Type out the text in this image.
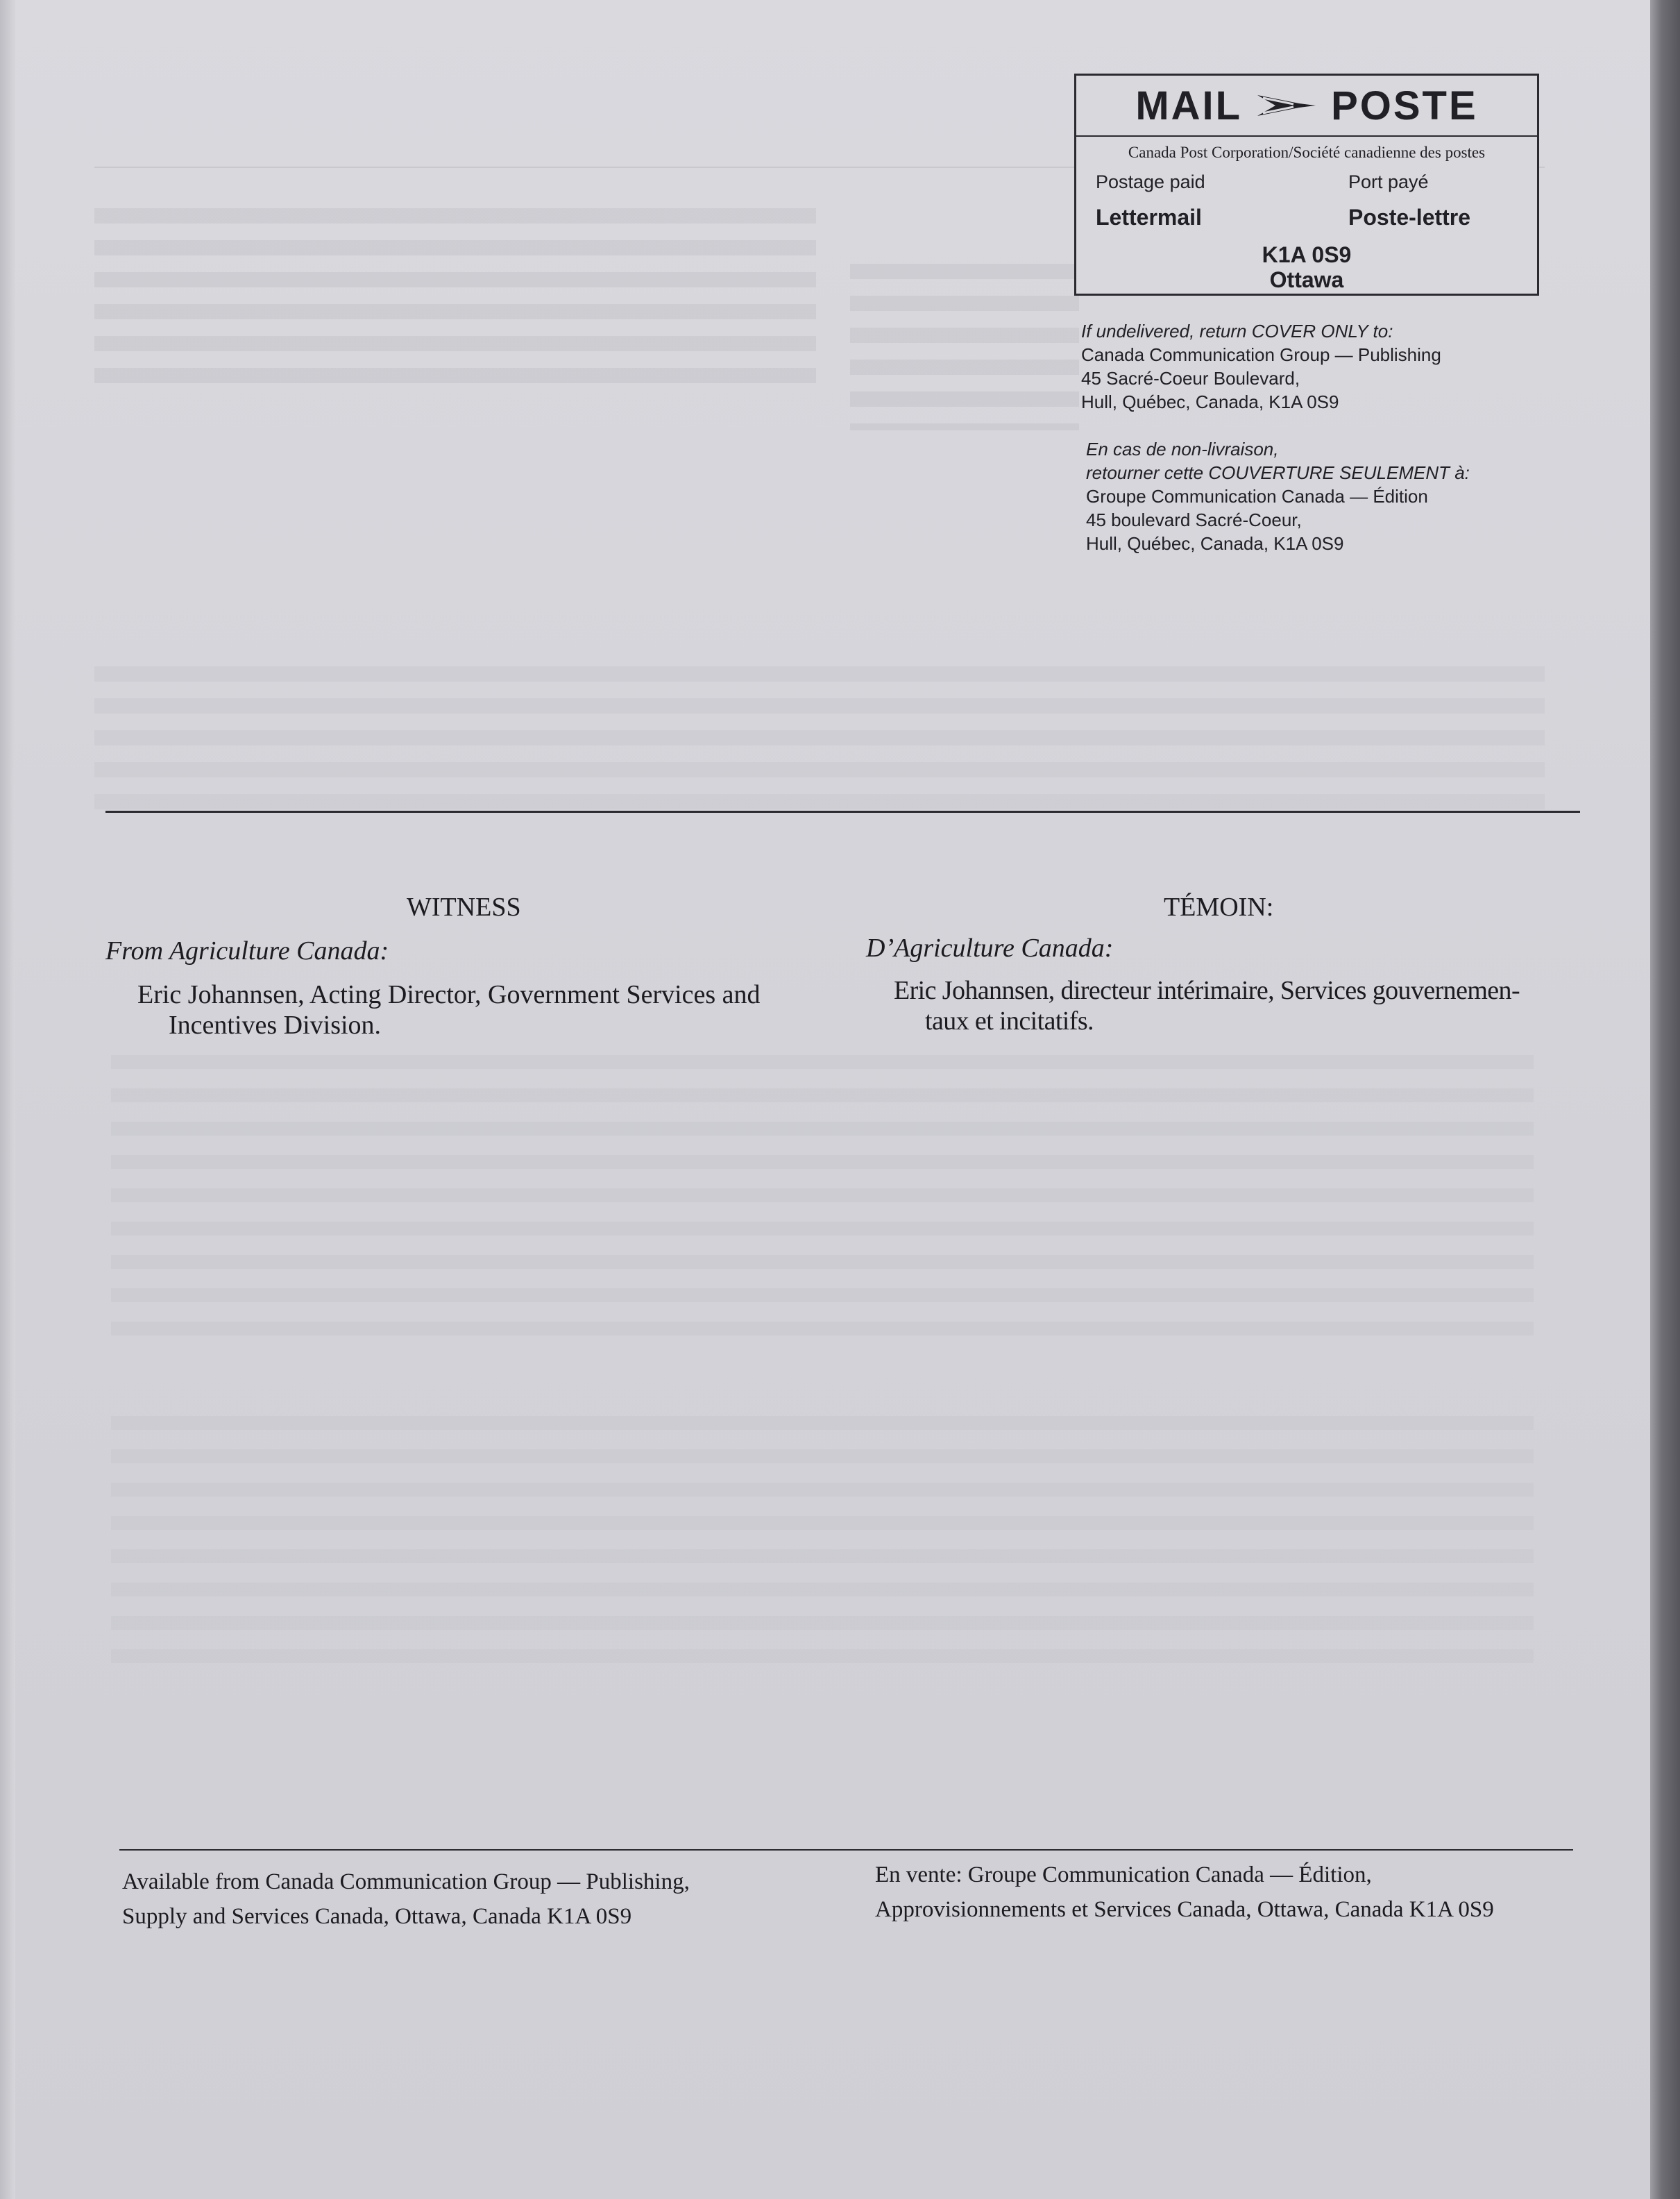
MAIL POSTE
Canada Post Corporation/Société canadienne des postes
Postage paid	Port payé
Lettermail	Poste-lettre
K1A 0S9
Ottawa
If undelivered, return COVER ONLY to:
Canada Communication Group — Publishing
45 Sacré-Coeur Boulevard,
Hull, Québec, Canada, K1A 0S9
En cas de non-livraison,
retourner cette COUVERTURE SEULEMENT à:
Groupe Communication Canada — Édition
45 boulevard Sacré-Coeur,
Hull, Québec, Canada, K1A 0S9
WITNESS
From Agriculture Canada:
Eric Johannsen, Acting Director, Government Services and
Incentives Division.
TÉMOIN:
D’Agriculture Canada:
Eric Johannsen, directeur intérimaire, Services gouvernemen-
taux et incitatifs.
Available from Canada Communication Group — Publishing,
Supply and Services Canada, Ottawa, Canada K1A 0S9
En vente: Groupe Communication Canada — Édition,
Approvisionnements et Services Canada, Ottawa, Canada K1A 0S9
